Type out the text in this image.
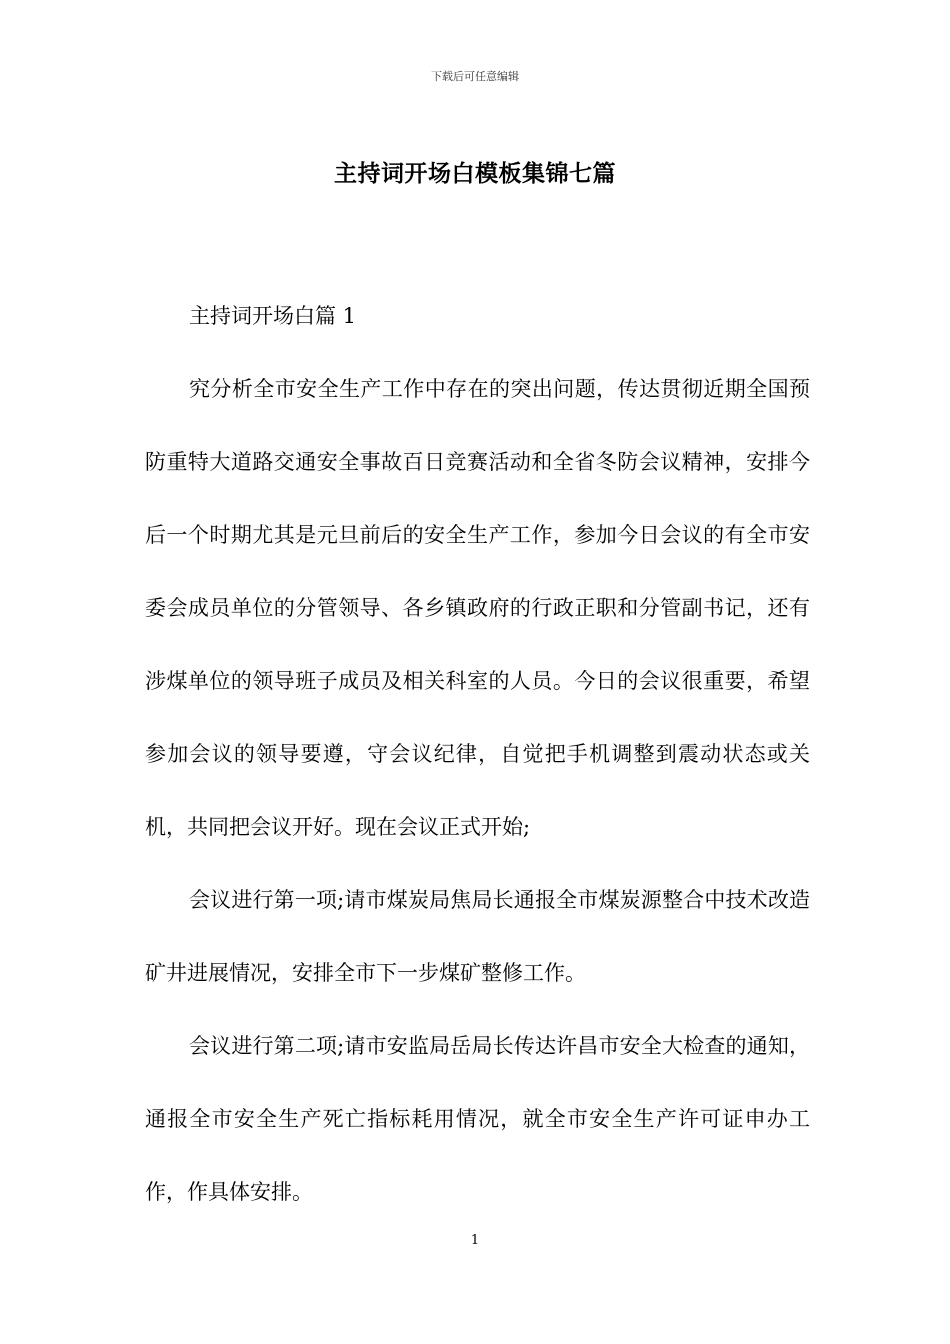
下载后可任意编辑
主持词开场白模板集锦七篇

主持词开场白篇 1

究分析全市安全生产工作中存在的突出问题，传达贯彻近期全国预防重特大道路交通安全事故百日竞赛活动和全省冬防会议精神，安排今后一个时期尤其是元旦前后的安全生产工作，参加今日会议的有全市安委会成员单位的分管领导、各乡镇政府的行政正职和分管副书记，还有涉煤单位的领导班子成员及相关科室的人员。今日的会议很重要，希望参加会议的领导要遵，守会议纪律，自觉把手机调整到震动状态或关机，共同把会议开好。现在会议正式开始;

会议进行第一项;请市煤炭局焦局长通报全市煤炭源整合中技术改造矿井进展情况，安排全市下一步煤矿整修工作。

会议进行第二项;请市安监局岳局长传达许昌市安全大检查的通知，通报全市安全生产死亡指标耗用情况，就全市安全生产许可证申办工作，作具体安排。

1
